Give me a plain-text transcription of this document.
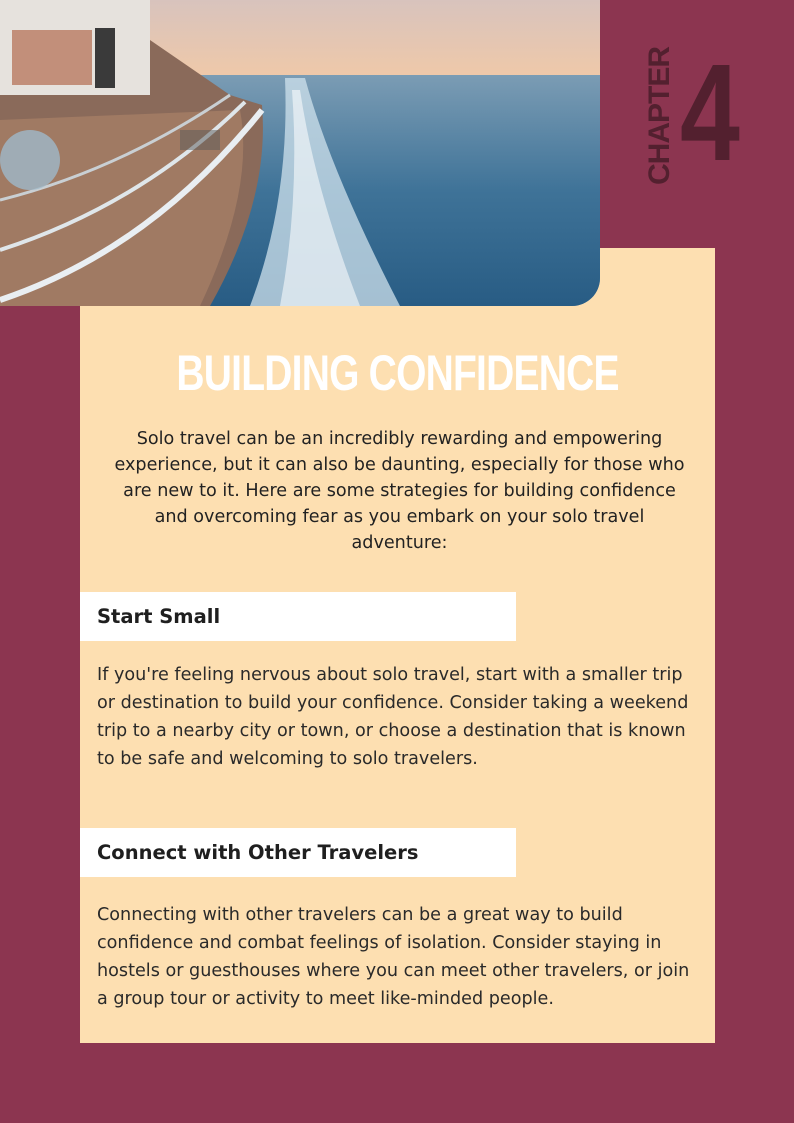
CHAPTER 4
BUILDING CONFIDENCE

Solo travel can be an incredibly rewarding and empowering experience, but it can also be daunting, especially for those who are new to it. Here are some strategies for building confidence and overcoming fear as you embark on your solo travel adventure:

Start Small

If you're feeling nervous about solo travel, start with a smaller trip or destination to build your confidence. Consider taking a weekend trip to a nearby city or town, or choose a destination that is known to be safe and welcoming to solo travelers.

Connect with Other Travelers

Connecting with other travelers can be a great way to build confidence and combat feelings of isolation. Consider staying in hostels or guesthouses where you can meet other travelers, or join a group tour or activity to meet like-minded people.
